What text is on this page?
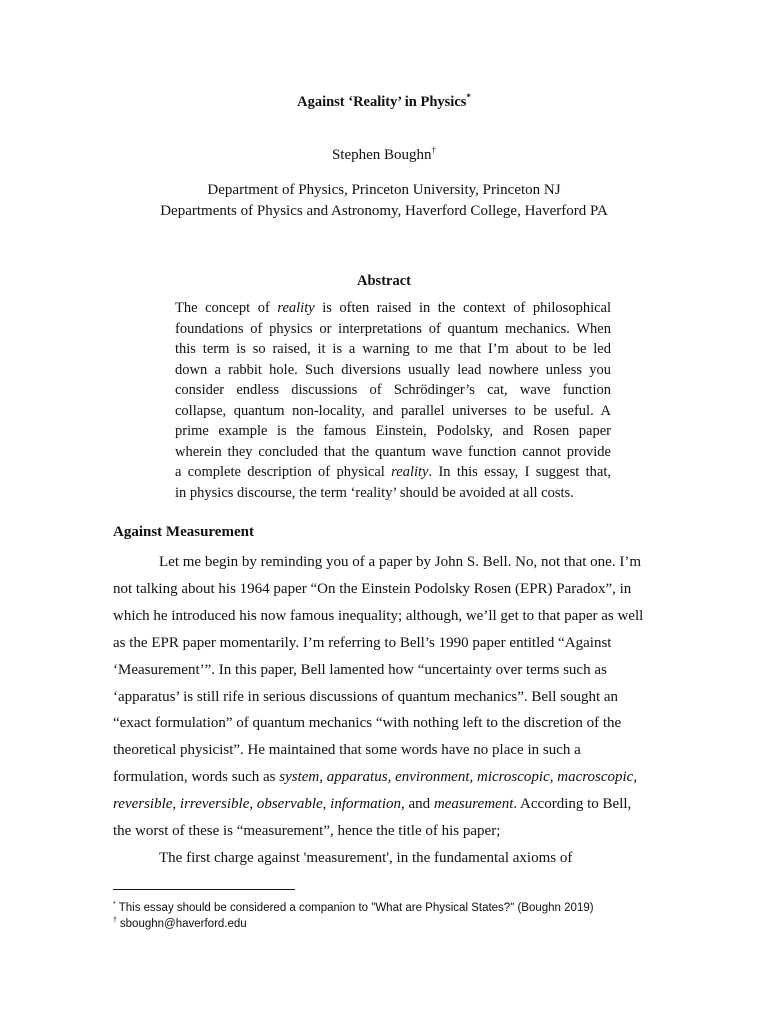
Against ‘Reality’ in Physics*
Stephen Boughn†
Department of Physics, Princeton University, Princeton NJ
Departments of Physics and Astronomy, Haverford College, Haverford PA
Abstract
The concept of reality is often raised in the context of philosophical
foundations of physics or interpretations of quantum mechanics. When
this term is so raised, it is a warning to me that I’m about to be led
down a rabbit hole. Such diversions usually lead nowhere unless you
consider endless discussions of Schrödinger’s cat, wave function
collapse, quantum non-locality, and parallel universes to be useful. A
prime example is the famous Einstein, Podolsky, and Rosen paper
wherein they concluded that the quantum wave function cannot provide
a complete description of physical reality. In this essay, I suggest that,
in physics discourse, the term ‘reality’ should be avoided at all costs.
Against Measurement
Let me begin by reminding you of a paper by John S. Bell. No, not that one. I’m
not talking about his 1964 paper “On the Einstein Podolsky Rosen (EPR) Paradox”, in
which he introduced his now famous inequality; although, we’ll get to that paper as well
as the EPR paper momentarily. I’m referring to Bell’s 1990 paper entitled “Against
‘Measurement’”. In this paper, Bell lamented how “uncertainty over terms such as
‘apparatus’ is still rife in serious discussions of quantum mechanics”. Bell sought an
“exact formulation” of quantum mechanics “with nothing left to the discretion of the
theoretical physicist”. He maintained that some words have no place in such a
formulation, words such as system, apparatus, environment, microscopic, macroscopic,
reversible, irreversible, observable, information, and measurement. According to Bell,
the worst of these is “measurement”, hence the title of his paper;
The first charge against 'measurement', in the fundamental axioms of
* This essay should be considered a companion to "What are Physical States?" (Boughn 2019)
† sboughn@haverford.edu
